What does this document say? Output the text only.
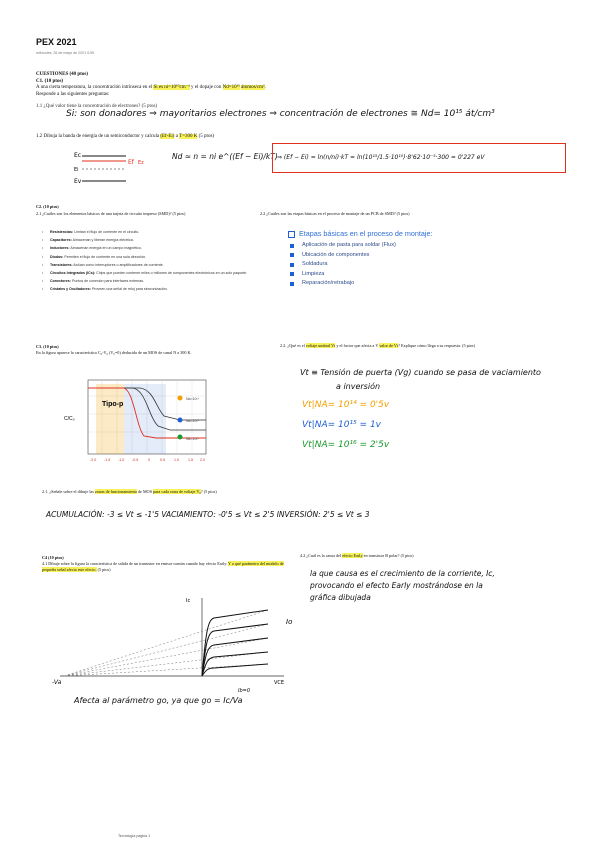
PEX 2021
miércoles, 26 de mayo de 2021 0:59
CUESTIONES (40 ptos)
C1. (10 ptos)
A una cierta temperatura, la concentración intrínseca en el Si es ni=10¹⁰cm⁻³ y el dopaje con Nd=10¹⁵ átomos/cm³. Responde a las siguientes preguntas:
1.1 ¿Qué valor tiene la concentración de electrones? (5 ptos)
Si: son donadores ⇒ mayoritarios electrones ⇒ concentración de electrones ≅ Nd= 10¹⁵ át/cm³
1.2 Dibuja la banda de energía de un semiconductor y calcula (Ef-Ei) a T=300 K (5 ptos)
Ec
Ef
Ei
Ev
Ez
Nd ≈ n = ni e^((Ef − Ei)/kT) ⇒ (Ef − Ei) = ln(n/ni)·kT = ln(10¹⁵/1.5·10¹⁰)·8'62·10⁻⁵·300 = 0'227 eV
C2. (10 ptos)
2.1 ¿Cuáles son los elementos básicos de una tarjeta de circuito impreso (SMD)? (5 ptos)	2.2 ¿Cuáles son las etapas básicas en el proceso de montaje de un PCB de SMD? (5 ptos)
• Resistencias: Limitan el flujo de corriente en el circuito.
• Capacitores: Almacenan y liberan energía eléctrica.
• Inductores: Almacenan energía en un campo magnético.
• Diodos: Permiten el flujo de corriente en una sola dirección.
• Transistores: Actúan como interruptores o amplificadores de corriente.
• Circuitos Integrados (ICs): Chips que pueden contener miles o millones de componentes electrónicos en un solo paquete.
• Conectores: Puntos de conexión para interfaces externas.
• Cristales y Osciladores: Proveen una señal de reloj para sincronización.
Etapas básicas en el proceso de montaje:
Aplicación de pasta para soldar (Flux)
Ubicación de componentes
Soldadura
Limpieza
Reparación/retrabajo
C3. (10 ptos)
En la figura aparece la característica C₀-V₀ (V₀=0) deducida de un MOS de canal N a 300 K.
Tipo-p
C/C₀
Na=10¹⁴
Na=10¹⁵
Na=10¹⁶
-2.0 -1.5 -1.0 -0.5	0	0.5	1.0	1.5 2.0
2.2. ¿Qué es el voltaje umbral Vt y el factor que afecta a V valor de Vt? Explique cómo llega a su respuesta. (5 ptos)
Vt ≡ Tensión de puerta (Vg) cuando se pasa de vaciamiento
a inversión
Vt|NA= 10¹⁴ = 0'5v
Vt|NA= 10¹⁵ = 1v
Vt|NA= 10¹⁶ = 2'5v
2.1. ¿Señale sobre el dibujo las zonas de funcionamiento de MOS para cada zona de voltaje V₀? (5 ptos)
ACUMULACIÓN: -3 ≤ Vt ≤ -1'5 VACIAMIENTO: -0'5 ≤ Vt ≤ 2'5 INVERSIÓN: 2'5 ≤ Vt ≤ 3
C4 (10 ptos)
4.1 Dibuje sobre la figura la característica de salida de un transistor en emisor común cuando hay efecto Early. Y a qué parámetro del modelo de pequeña señal afecta este efecto. (5 ptos)
4.2 ¿Cuál es la causa del efecto Early en transistor B polar? (5 ptos)
la que causa es el crecimiento de la corriente, Ic, provocando el efecto Early mostrándose en la gráfica dibujada
Ic
VCE
-Va
Io
Ib=0
Afecta al parámetro go, ya que go = Ic/Va
Tecnología página 1
